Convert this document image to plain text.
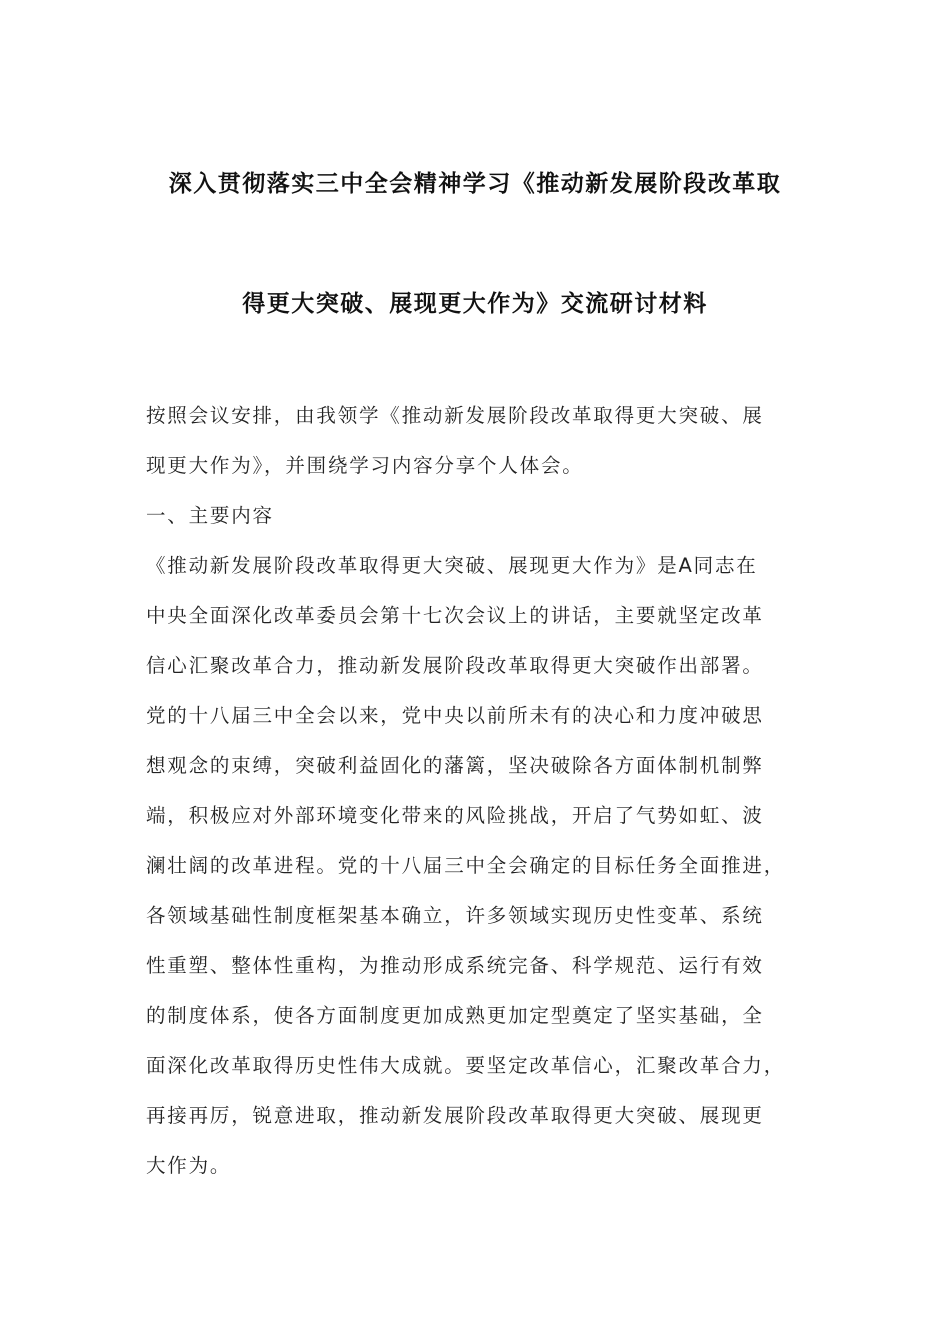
深入贯彻落实三中全会精神学习《推动新发展阶段改革取
得更大突破、展现更大作为》交流研讨材料
按照会议安排，由我领学《推动新发展阶段改革取得更大突破、展
现更大作为》，并围绕学习内容分享个人体会。
一、主要内容
《推动新发展阶段改革取得更大突破、展现更大作为》是A同志在
中央全面深化改革委员会第十七次会议上的讲话，主要就坚定改革
信心汇聚改革合力，推动新发展阶段改革取得更大突破作出部署。
党的十八届三中全会以来，党中央以前所未有的决心和力度冲破思
想观念的束缚，突破利益固化的藩篱，坚决破除各方面体制机制弊
端，积极应对外部环境变化带来的风险挑战，开启了气势如虹、波
澜壮阔的改革进程。党的十八届三中全会确定的目标任务全面推进，
各领域基础性制度框架基本确立，许多领域实现历史性变革、系统
性重塑、整体性重构，为推动形成系统完备、科学规范、运行有效
的制度体系，使各方面制度更加成熟更加定型奠定了坚实基础，全
面深化改革取得历史性伟大成就。要坚定改革信心，汇聚改革合力，
再接再厉，锐意进取，推动新发展阶段改革取得更大突破、展现更
大作为。
